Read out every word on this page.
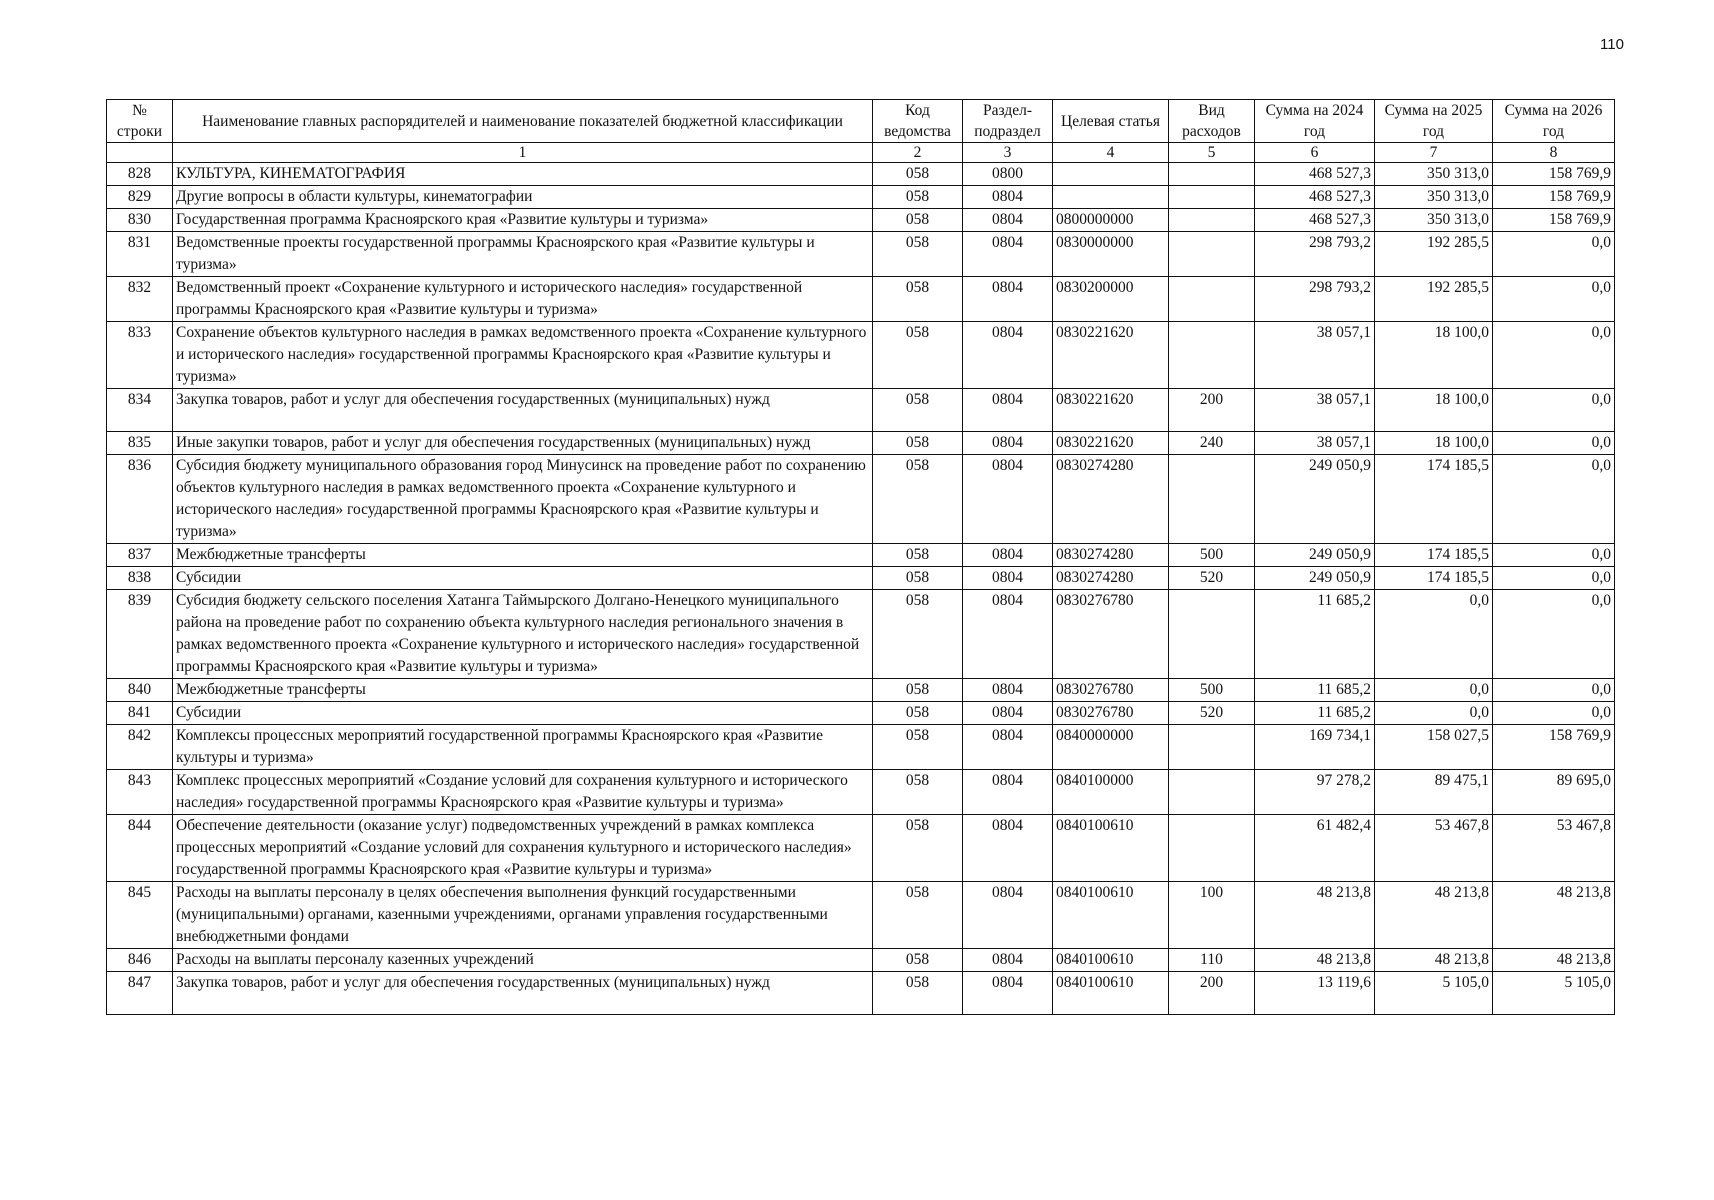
110
№ строки	Наименование главных распорядителей и наименование показателей бюджетной классификации	Код ведомства	Раздел-подраздел	Целевая статья	Вид расходов	Сумма на 2024 год	Сумма на 2025 год	Сумма на 2026 год
	1	2	3	4	5	6	7	8
828	КУЛЬТУРА, КИНЕМАТОГРАФИЯ	058	0800			468 527,3	350 313,0	158 769,9
829	Другие вопросы в области культуры, кинематографии	058	0804			468 527,3	350 313,0	158 769,9
830	Государственная программа Красноярского края «Развитие культуры и туризма»	058	0804	0800000000		468 527,3	350 313,0	158 769,9
831	Ведомственные проекты государственной программы Красноярского края «Развитие культуры и туризма»	058	0804	0830000000		298 793,2	192 285,5	0,0
832	Ведомственный проект «Сохранение культурного и исторического наследия» государственной программы Красноярского края «Развитие культуры и туризма»	058	0804	0830200000		298 793,2	192 285,5	0,0
833	Сохранение объектов культурного наследия в рамках ведомственного проекта «Сохранение культурного и исторического наследия» государственной программы Красноярского края «Развитие культуры и туризма»	058	0804	0830221620		38 057,1	18 100,0	0,0
834	Закупка товаров, работ и услуг для обеспечения государственных (муниципальных) нужд	058	0804	0830221620	200	38 057,1	18 100,0	0,0
835	Иные закупки товаров, работ и услуг для обеспечения государственных (муниципальных) нужд	058	0804	0830221620	240	38 057,1	18 100,0	0,0
836	Субсидия бюджету муниципального образования город Минусинск на проведение работ по сохранению объектов культурного наследия в рамках ведомственного проекта «Сохранение культурного и исторического наследия» государственной программы Красноярского края «Развитие культуры и туризма»	058	0804	0830274280		249 050,9	174 185,5	0,0
837	Межбюджетные трансферты	058	0804	0830274280	500	249 050,9	174 185,5	0,0
838	Субсидии	058	0804	0830274280	520	249 050,9	174 185,5	0,0
839	Субсидия бюджету сельского поселения Хатанга Таймырского Долгано-Ненецкого муниципального района на проведение работ по сохранению объекта культурного наследия регионального значения в рамках ведомственного проекта «Сохранение культурного и исторического наследия» государственной программы Красноярского края «Развитие культуры и туризма»	058	0804	0830276780		11 685,2	0,0	0,0
840	Межбюджетные трансферты	058	0804	0830276780	500	11 685,2	0,0	0,0
841	Субсидии	058	0804	0830276780	520	11 685,2	0,0	0,0
842	Комплексы процессных мероприятий государственной программы Красноярского края «Развитие культуры и туризма»	058	0804	0840000000		169 734,1	158 027,5	158 769,9
843	Комплекс процессных мероприятий «Создание условий для сохранения культурного и исторического наследия» государственной программы Красноярского края «Развитие культуры и туризма»	058	0804	0840100000		97 278,2	89 475,1	89 695,0
844	Обеспечение деятельности (оказание услуг) подведомственных учреждений в рамках комплекса процессных мероприятий «Создание условий для сохранения культурного и исторического наследия» государственной программы Красноярского края «Развитие культуры и туризма»	058	0804	0840100610		61 482,4	53 467,8	53 467,8
845	Расходы на выплаты персоналу в целях обеспечения выполнения функций государственными (муниципальными) органами, казенными учреждениями, органами управления государственными внебюджетными фондами	058	0804	0840100610	100	48 213,8	48 213,8	48 213,8
846	Расходы на выплаты персоналу казенных учреждений	058	0804	0840100610	110	48 213,8	48 213,8	48 213,8
847	Закупка товаров, работ и услуг для обеспечения государственных (муниципальных) нужд	058	0804	0840100610	200	13 119,6	5 105,0	5 105,0
